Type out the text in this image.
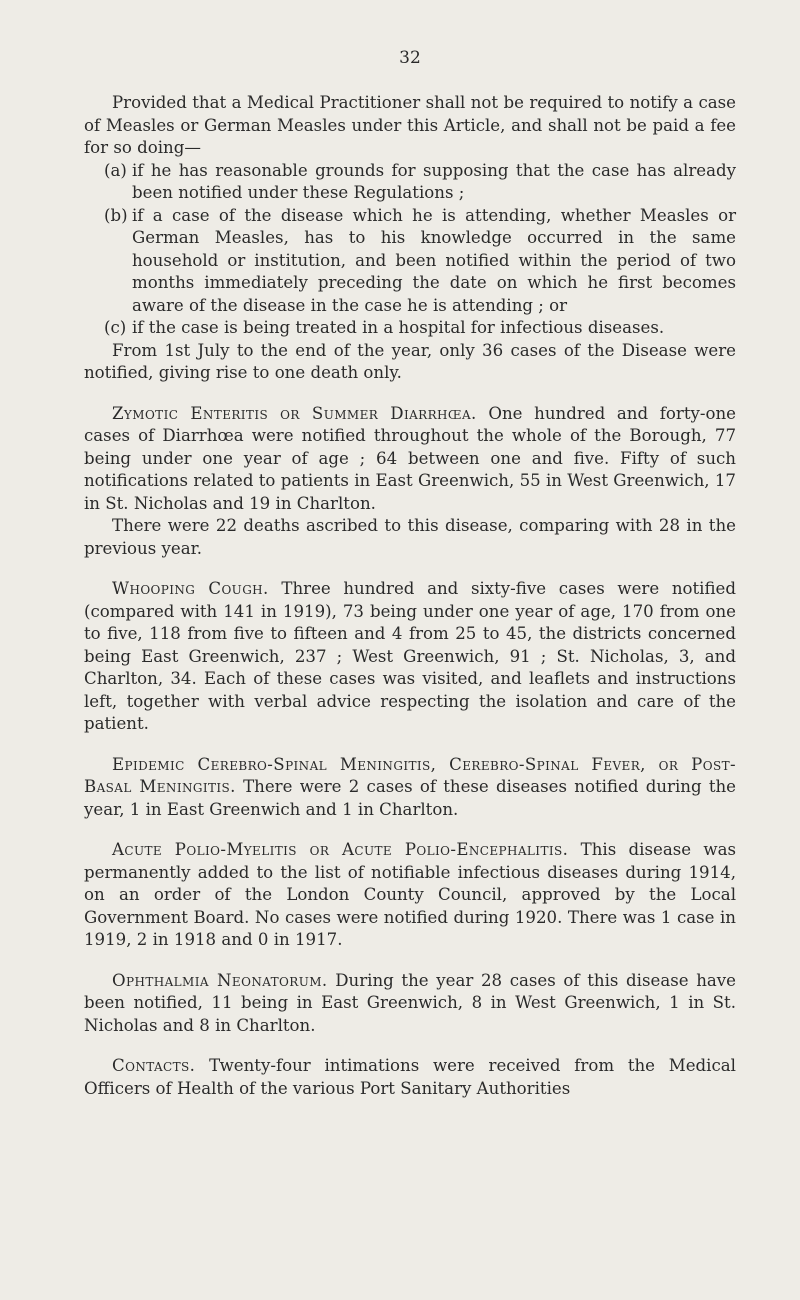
32

Provided that a Medical Practitioner shall not be required to notify a case of Measles or German Measles under this Article, and shall not be paid a fee for so doing—

(a) if he has reasonable grounds for supposing that the case has already been notified under these Regulations ;
(b) if a case of the disease which he is attending, whether Measles or German Measles, has to his knowledge occurred in the same household or institution, and been notified within the period of two months immediately preceding the date on which he first becomes aware of the disease in the case he is attending ; or
(c) if the case is being treated in a hospital for infectious diseases.

From 1st July to the end of the year, only 36 cases of the Disease were notified, giving rise to one death only.

Zymotic Enteritis or Summer Diarrhœa. One hundred and forty-one cases of Diarrhœa were notified throughout the whole of the Borough, 77 being under one year of age ; 64 between one and five. Fifty of such notifications related to patients in East Greenwich, 55 in West Greenwich, 17 in St. Nicholas and 19 in Charlton.

There were 22 deaths ascribed to this disease, comparing with 28 in the previous year.

Whooping Cough. Three hundred and sixty-five cases were notified (compared with 141 in 1919), 73 being under one year of age, 170 from one to five, 118 from five to fifteen and 4 from 25 to 45, the districts concerned being East Greenwich, 237 ; West Greenwich, 91 ; St. Nicholas, 3, and Charlton, 34. Each of these cases was visited, and leaflets and instructions left, together with verbal advice respecting the isolation and care of the patient.

Epidemic Cerebro-Spinal Meningitis, Cerebro-Spinal Fever, or Post-Basal Meningitis. There were 2 cases of these diseases notified during the year, 1 in East Greenwich and 1 in Charlton.

Acute Polio-Myelitis or Acute Polio-Encephalitis. This disease was permanently added to the list of notifiable infectious diseases during 1914, on an order of the London County Council, approved by the Local Government Board. No cases were notified during 1920. There was 1 case in 1919, 2 in 1918 and 0 in 1917.

Ophthalmia Neonatorum. During the year 28 cases of this disease have been notified, 11 being in East Greenwich, 8 in West Greenwich, 1 in St. Nicholas and 8 in Charlton.

Contacts. Twenty-four intimations were received from the Medical Officers of Health of the various Port Sanitary Authorities
